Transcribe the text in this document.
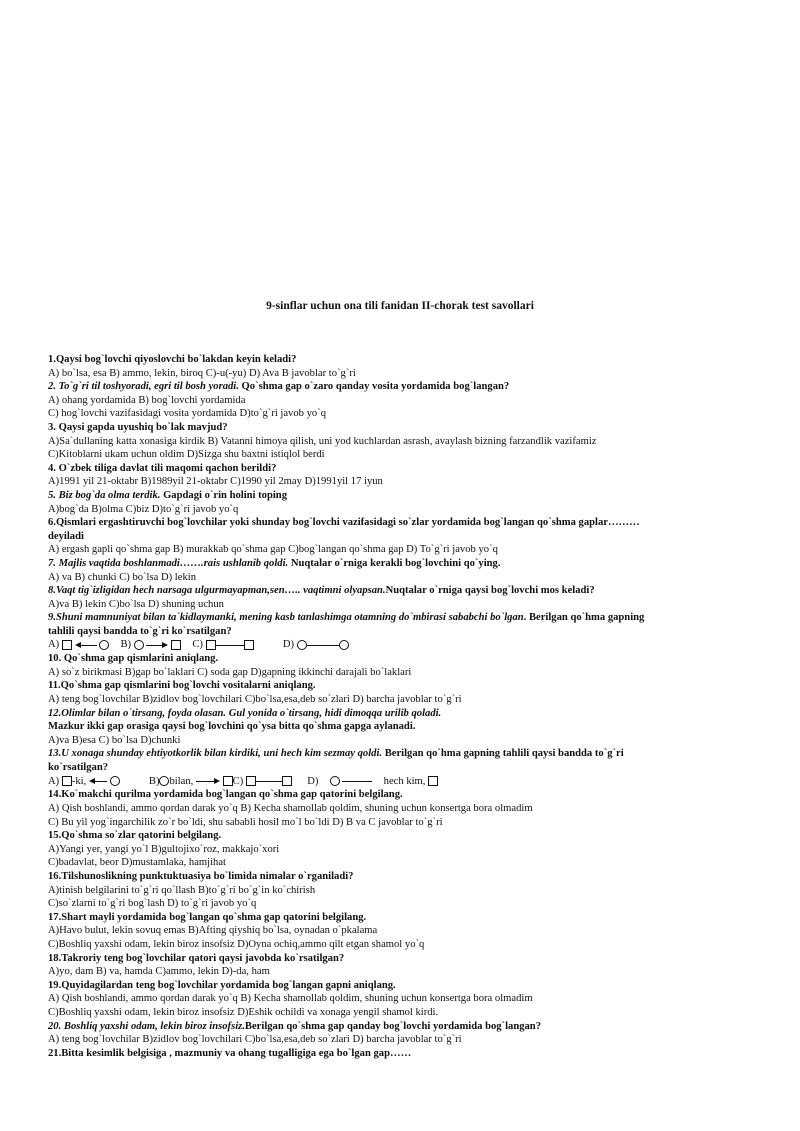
9-sinflar uchun ona tili fanidan II-chorak test savollari
1.Qaysi bog`lovchi qiyoslovchi bo`lakdan keyin keladi?
A) bo`lsa, esa B) ammo, lekin, biroq C)-u(-yu) D) Ava B javoblar to`g`ri
2. To`g`ri til toshyoradi, egri til bosh yoradi. Qo`shma gap o`zaro qanday vosita yordamida bog`langan?
A) ohang yordamida B) bog`lovchi yordamida
C) hog`lovchi vazifasidagi vosita yordamida D)to`g`ri javob yo`q
3. Qaysi gapda uyushiq bo`lak mavjud?
A)Sa`dullaning katta xonasiga kirdik B) Vatanni himoya qilish, uni yod kuchlardan asrash, avaylash bizning farzandlik vazifamiz
C)Kitoblarni ukam uchun oldim D)Sizga shu baxtni istiqlol berdi
4. O`zbek tiliga davlat tili maqomi qachon berildi?
A)1991 yil 21-oktabr B)1989yil 21-oktabr C)1990 yil 2may D)1991yil 17 iyun
5. Biz bog`da olma terdik. Gapdagi o`rin holini toping
A)bog`da B)olma C)biz D)to`g`ri javob yo`q
6.Qismlari ergashtiruvchi bog`lovchilar yoki shunday bog`lovchi vazifasidagi so`zlar yordamida bog`langan qo`shma gaplar………
deyiladi
A) ergash gapli qo`shma gap B) murakkab qo`shma gap C)bog`langan qo`shma gap D) To`g`ri javob yo`q
7. Majlis vaqtida boshlanmadi…….rais ushlanib qoldi. Nuqtalar o`rniga kerakli bog`lovchini qo`ying.
A) va B) chunki C) bo`lsa D) lekin
8.Vaqt tig`izligidan hech narsaga ulgurmayapman,sen….. vaqtimni olyapsan.Nuqtalar o`rniga qaysi bog`lovchi mos keladi?
A)va B) lekin C)bo`lsa D) shuning uchun
9.Shuni mamnuniyat bilan ta`kidlaymanki, mening kasb tanlashimga otamning do`mbirasi sababchi bo`lgan. Berilgan qo`hma gapning
tahlili qaysi bandda to`g`ri ko`rsatilgan?
A)	B)	C)	D)
10. Qo`shma gap qismlarini aniqlang.
A) so`z birikmasi B)gap bo`laklari C) soda gap D)gapning ikkinchi darajali bo`laklari
11.Qo`shma gap qismlarini bog`lovchi vositalarni aniqlang.
A) teng bog`lovchilar B)zidlov bog`lovchilari C)bo`lsa,esa,deb so`zlari D) barcha javoblar to`g`ri
12.Olimlar bilan o`tirsang, foyda olasan. Gul yonida o`tirsang, hidi dimoqqa urilib qoladi.
Mazkur ikki gap orasiga qaysi bog`lovchini qo`ysa bitta qo`shma gapga aylanadi.
A)va B)esa C) bo`lsa D)chunki
13.U xonaga shunday ehtiyotkorlik bilan kirdiki, uni hech kim sezmay qoldi. Berilgan qo`hma gapning tahlili qaysi bandda to`g`ri
ko`rsatilgan?
A) -ki,	B) bilan,	C)	D)	hech kim,
14.Ko`makchi qurilma yordamida bog`langan qo`shma gap qatorini belgilang.
A) Qish boshlandi, ammo qordan darak yo`q B) Kecha shamollab qoldim, shuning uchun konsertga bora olmadim
C) Bu yil yog`ingarchilik zo`r bo`ldi, shu sababli hosil mo`l bo`ldi D) B va C javoblar to`g`ri
15.Qo`shma so`zlar qatorini belgilang.
A)Yangi yer, yangi yo`l B)gultojixo`roz, makkajo`xori
C)badavlat, beor D)mustamlaka, hamjihat
16.Tilshunoslikning punktuktuasiya bo`limida nimalar o`rganiladi?
A)tinish belgilarini to`g`ri qo`llash B)to`g`ri bo`g`in ko`chirish
C)so`zlarni to`g`ri bog`lash D) to`g`ri javob yo`q
17.Shart mayli yordamida bog`langan qo`shma gap qatorini belgilang.
A)Havo bulut, lekin sovuq emas B)Afting qiyshiq bo`lsa, oynadan o`pkalama
C)Boshliq yaxshi odam, lekin biroz insofsiz D)Oyna ochiq,ammo qilt etgan shamol yo`q
18.Takroriy teng bog`lovchilar qatori qaysi javobda ko`rsatilgan?
A)yo, dam B) va, hamda C)ammo, lekin D)-da, ham
19.Quyidagilardan teng bog`lovchilar yordamida bog`langan gapni aniqlang.
A) Qish boshlandi, ammo qordan darak yo`q B) Kecha shamollab qoldim, shuning uchun konsertga bora olmadim
C)Boshliq yaxshi odam, lekin biroz insofsiz D)Eshik ochildi va xonaga yengil shamol kirdi.
20. Boshliq yaxshi odam, lekin biroz insofsiz.Berilgan qo`shma gap qanday bog`lovchi yordamida bog`langan?
A) teng bog`lovchilar B)zidlov bog`lovchilari C)bo`lsa,esa,deb so`zlari D) barcha javoblar to`g`ri
21.Bitta kesimlik belgisiga , mazmuniy va ohang tugalligiga ega bo`lgan gap……
